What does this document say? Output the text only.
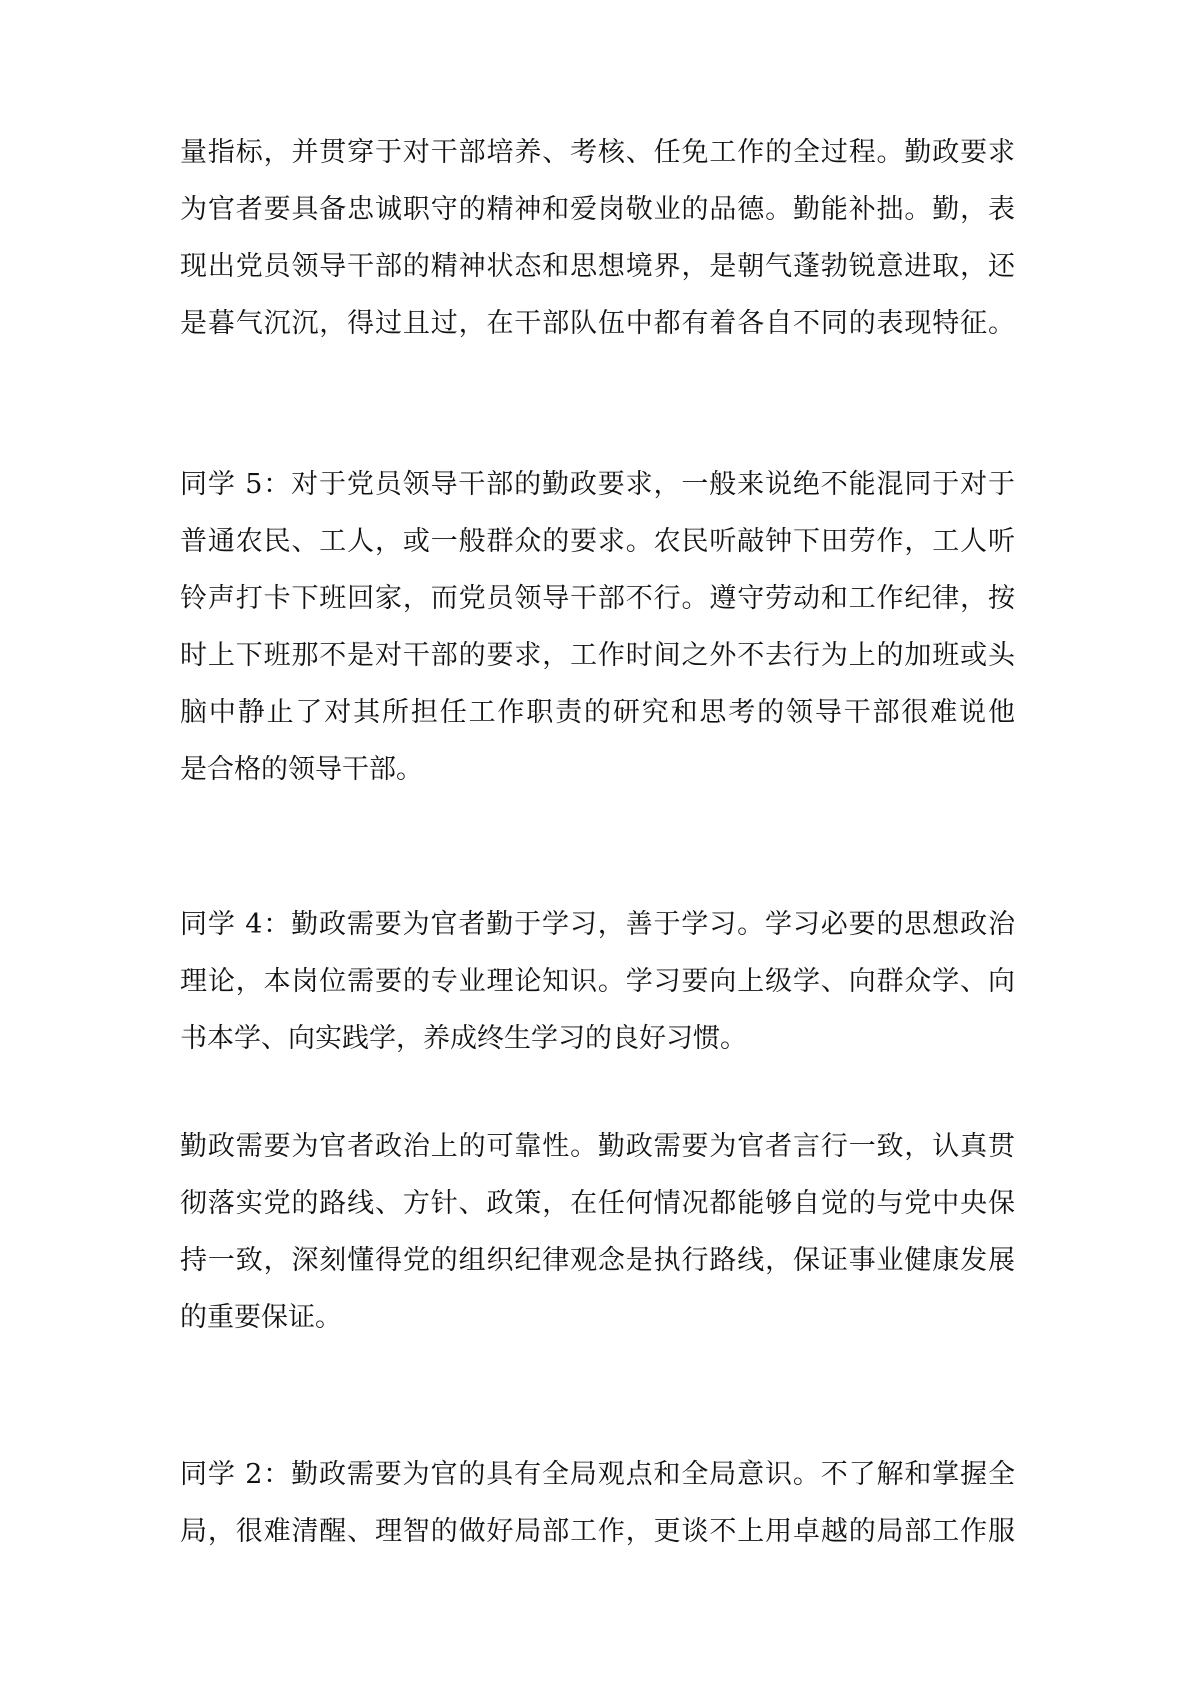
量指标，并贯穿于对干部培养、考核、任免工作的全过程。勤政要求
为官者要具备忠诚职守的精神和爱岗敬业的品德。勤能补拙。勤，表
现出党员领导干部的精神状态和思想境界，是朝气蓬勃锐意进取，还
是暮气沉沉，得过且过，在干部队伍中都有着各自不同的表现特征。
同学 5：对于党员领导干部的勤政要求，一般来说绝不能混同于对于
普通农民、工人，或一般群众的要求。农民听敲钟下田劳作，工人听
铃声打卡下班回家，而党员领导干部不行。遵守劳动和工作纪律，按
时上下班那不是对干部的要求，工作时间之外不去行为上的加班或头
脑中静止了对其所担任工作职责的研究和思考的领导干部很难说他
是合格的领导干部。
同学 4：勤政需要为官者勤于学习，善于学习。学习必要的思想政治
理论，本岗位需要的专业理论知识。学习要向上级学、向群众学、向
书本学、向实践学，养成终生学习的良好习惯。
勤政需要为官者政治上的可靠性。勤政需要为官者言行一致，认真贯
彻落实党的路线、方针、政策，在任何情况都能够自觉的与党中央保
持一致，深刻懂得党的组织纪律观念是执行路线，保证事业健康发展
的重要保证。
同学 2：勤政需要为官的具有全局观点和全局意识。不了解和掌握全
局，很难清醒、理智的做好局部工作，更谈不上用卓越的局部工作服
